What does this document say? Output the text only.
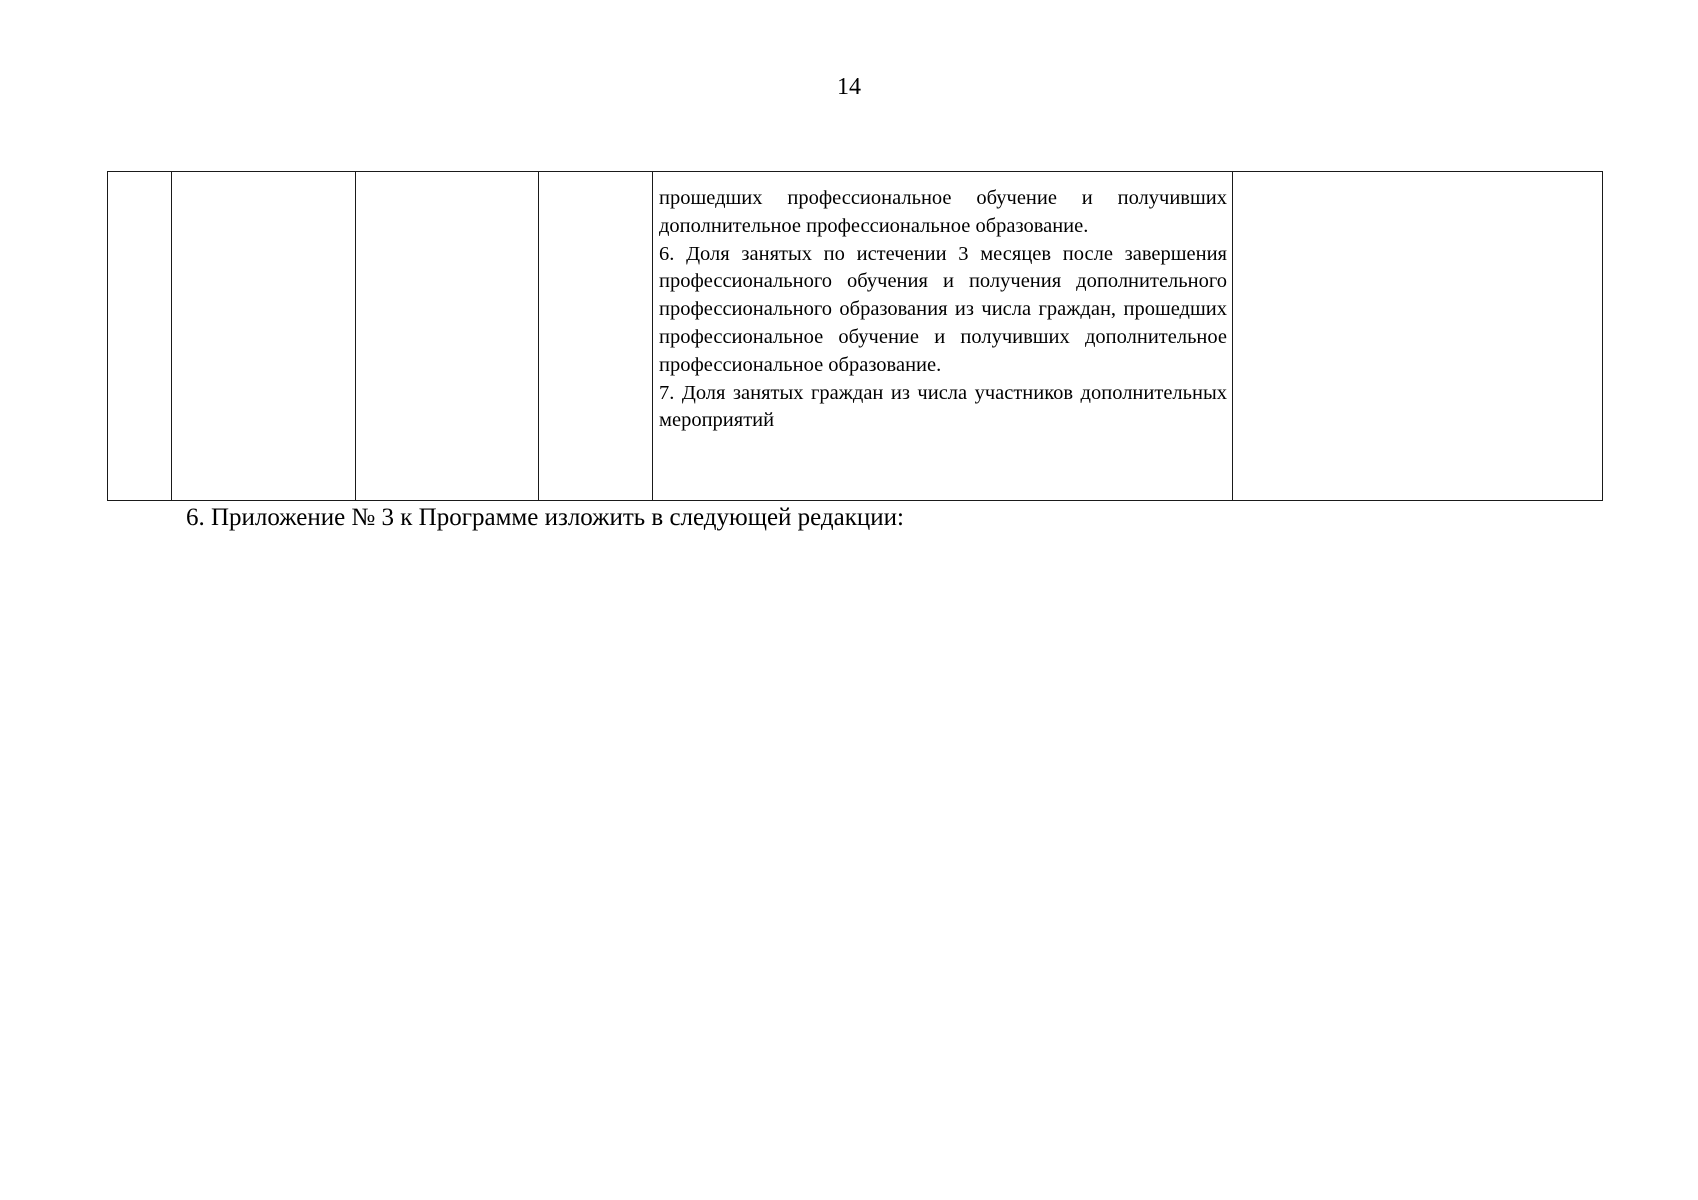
14

прошедших профессиональное обучение и получивших дополнительное профессиональное образование.

6. Доля занятых по истечении 3 месяцев после завершения профессионального обучения и получения дополнительного профессионального образования из числа граждан, прошедших профессиональное обучение и получивших дополнительное профессиональное образование.

7. Доля занятых граждан из числа участников дополнительных мероприятий

6. Приложение № 3 к Программе изложить в следующей редакции:
